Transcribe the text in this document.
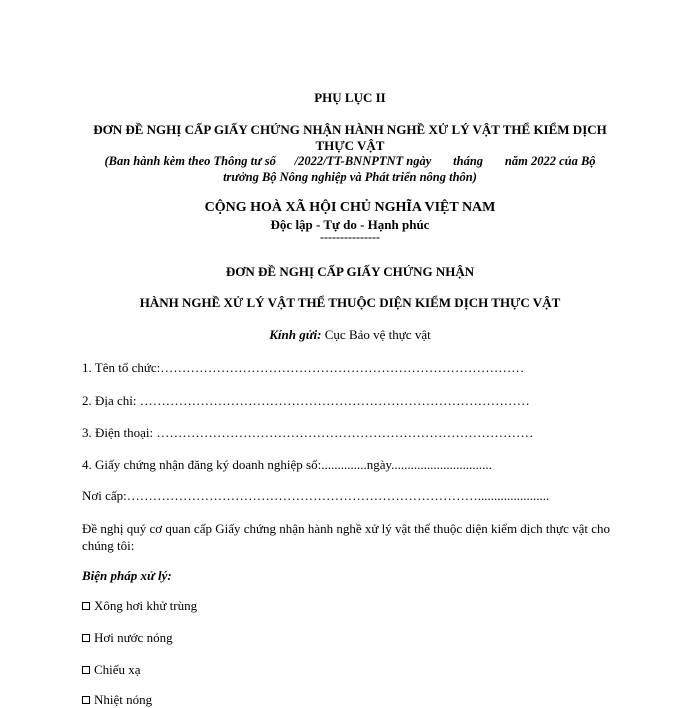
PHỤ LỤC II
ĐƠN ĐỀ NGHỊ CẤP GIẤY CHỨNG NHẬN HÀNH NGHỀ XỬ LÝ VẬT THỂ KIỂM DỊCH
THỰC VẬT
(Ban hành kèm theo Thông tư số      /2022/TT-BNNPTNT ngày       tháng       năm 2022 của Bộ
trưởng Bộ Nông nghiệp và Phát triển nông thôn)
CỘNG HOÀ XÃ HỘI CHỦ NGHĨA VIỆT NAM
Độc lập - Tự do - Hạnh phúc
---------------
ĐƠN ĐỀ NGHỊ CẤP GIẤY CHỨNG NHẬN
HÀNH NGHỀ XỬ LÝ VẬT THỂ THUỘC DIỆN KIỂM DỊCH THỰC VẬT
Kính gửi: Cục Bảo vệ thực vật
1. Tên tổ chức:…………………………………………………………………………
2. Địa chỉ: ………………………………………………………………………………
3. Điện thoại: ……………………………………………………………………………
4. Giấy chứng nhận đăng ký doanh nghiệp số:..............ngày...............................
Nơi cấp:………………………………………………………………………......................
Đề nghị quý cơ quan cấp Giấy chứng nhận hành nghề xử lý vật thể thuộc diện kiểm dịch thực vật cho chúng tôi:
Biện pháp xử lý:
Xông hơi khử trùng
Hơi nước nóng
Chiếu xạ
Nhiệt nóng
